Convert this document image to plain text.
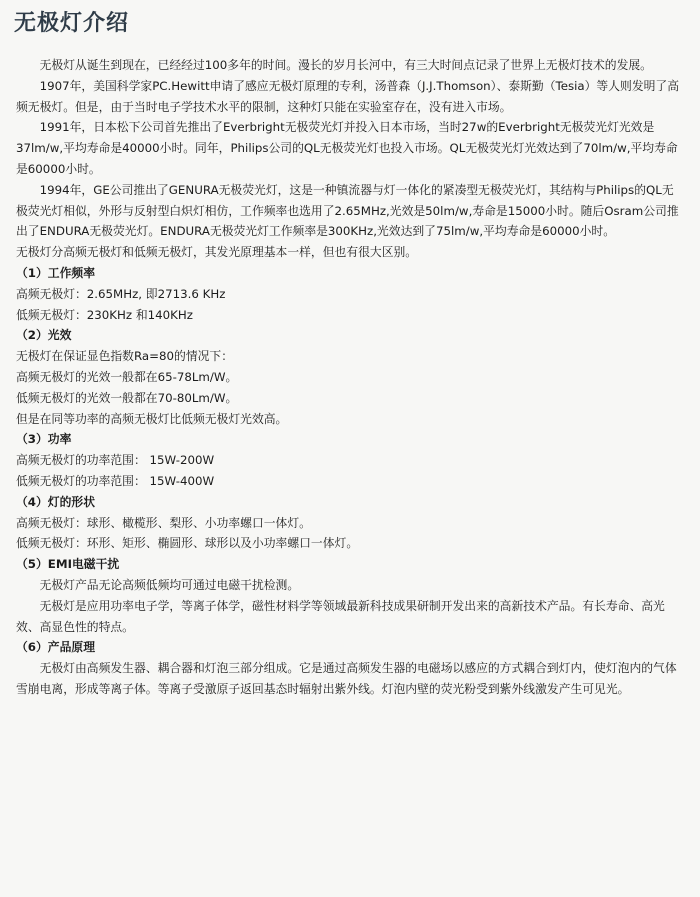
无极灯介绍

无极灯从诞生到现在，已经经过100多年的时间。漫长的岁月长河中，有三大时间点记录了世界上无极灯技术的发展。

1907年，美国科学家PC.Hewitt申请了感应无极灯原理的专利，汤普森（J.J.Thomson）、泰斯勤（Tesia）等人则发明了高频无极灯。但是，由于当时电子学技术水平的限制，这种灯只能在实验室存在，没有进入市场。

1991年，日本松下公司首先推出了Everbright无极荧光灯并投入日本市场，当时27w的Everbright无极荧光灯光效是37lm/w,平均寿命是40000小时。同年，Philips公司的QL无极荧光灯也投入市场。QL无极荧光灯光效达到了70lm/w,平均寿命是60000小时。

1994年，GE公司推出了GENURA无极荧光灯，这是一种镇流器与灯一体化的紧凑型无极荧光灯，其结构与Philips的QL无极荧光灯相似，外形与反射型白炽灯相仿，工作频率也选用了2.65MHz,光效是50lm/w,寿命是15000小时。随后Osram公司推出了ENDURA无极荧光灯。ENDURA无极荧光灯工作频率是300KHz,光效达到了75lm/w,平均寿命是60000小时。

无极灯分高频无极灯和低频无极灯，其发光原理基本一样，但也有很大区别。

（1）工作频率

高频无极灯：2.65MHz, 即2713.6 KHz

低频无极灯：230KHz 和140KHz

（2）光效

无极灯在保证显色指数Ra=80的情况下：

高频无极灯的光效一般都在65-78Lm/W。

低频无极灯的光效一般都在70-80Lm/W。

但是在同等功率的高频无极灯比低频无极灯光效高。

（3）功率

高频无极灯的功率范围： 15W-200W

低频无极灯的功率范围： 15W-400W

（4）灯的形状

高频无极灯：球形、橄榄形、梨形、小功率螺口一体灯。

低频无极灯：环形、矩形、椭圆形、球形以及小功率螺口一体灯。

（5）EMI电磁干扰

无极灯产品无论高频低频均可通过电磁干扰检测。

无极灯是应用功率电子学，等离子体学，磁性材料学等领域最新科技成果研制开发出来的高新技术产品。有长寿命、高光效、高显色性的特点。

（6）产品原理

无极灯由高频发生器、耦合器和灯泡三部分组成。它是通过高频发生器的电磁场以感应的方式耦合到灯内，使灯泡内的气体雪崩电离，形成等离子体。等离子受激原子返回基态时辐射出紫外线。灯泡内壁的荧光粉受到紫外线激发产生可见光。
